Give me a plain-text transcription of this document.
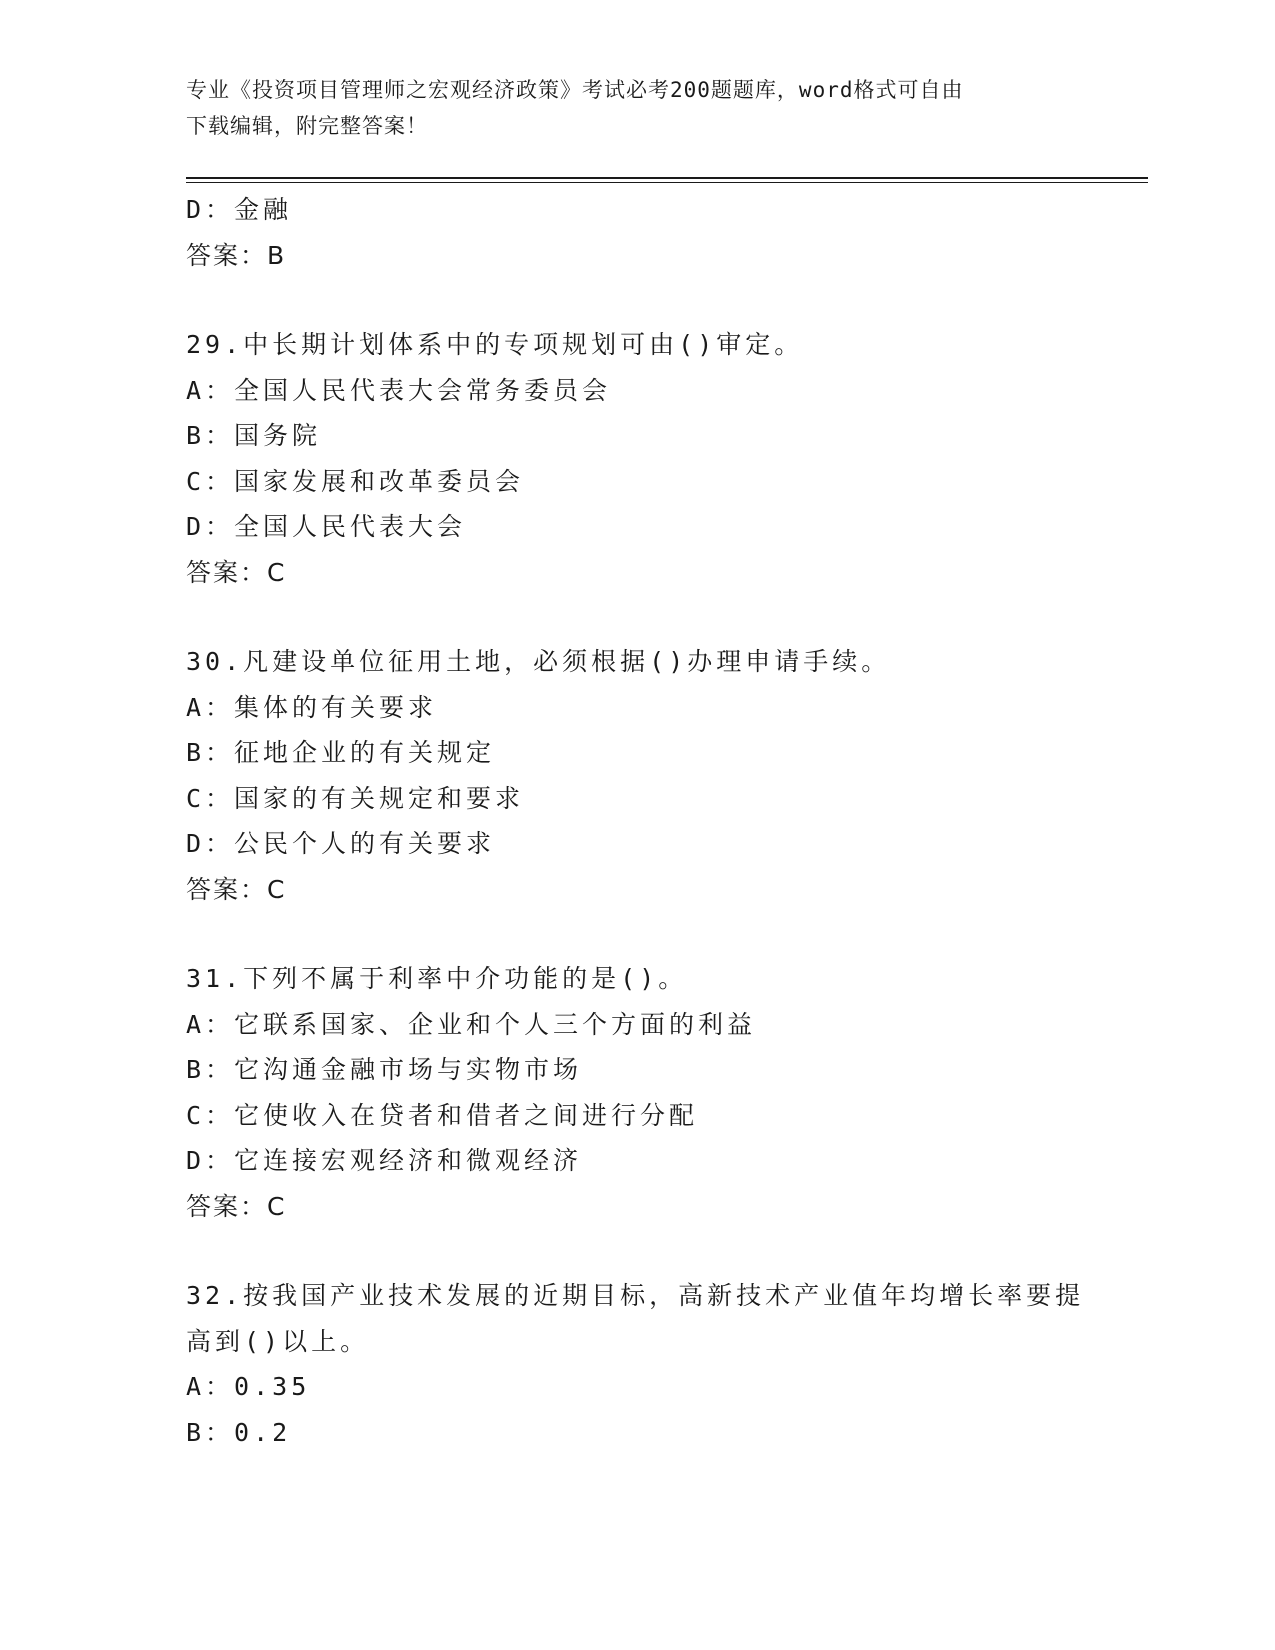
专业《投资项目管理师之宏观经济政策》考试必考200题题库，word格式可自由
下载编辑，附完整答案！
D：金融
答案：B
29.中长期计划体系中的专项规划可由()审定。
A：全国人民代表大会常务委员会
B：国务院
C：国家发展和改革委员会
D：全国人民代表大会
答案：C
30.凡建设单位征用土地，必须根据()办理申请手续。
A：集体的有关要求
B：征地企业的有关规定
C：国家的有关规定和要求
D：公民个人的有关要求
答案：C
31.下列不属于利率中介功能的是()。
A：它联系国家、企业和个人三个方面的利益
B：它沟通金融市场与实物市场
C：它使收入在贷者和借者之间进行分配
D：它连接宏观经济和微观经济
答案：C
32.按我国产业技术发展的近期目标，高新技术产业值年均增长率要提
高到()以上。
A：0.35
B：0.2
